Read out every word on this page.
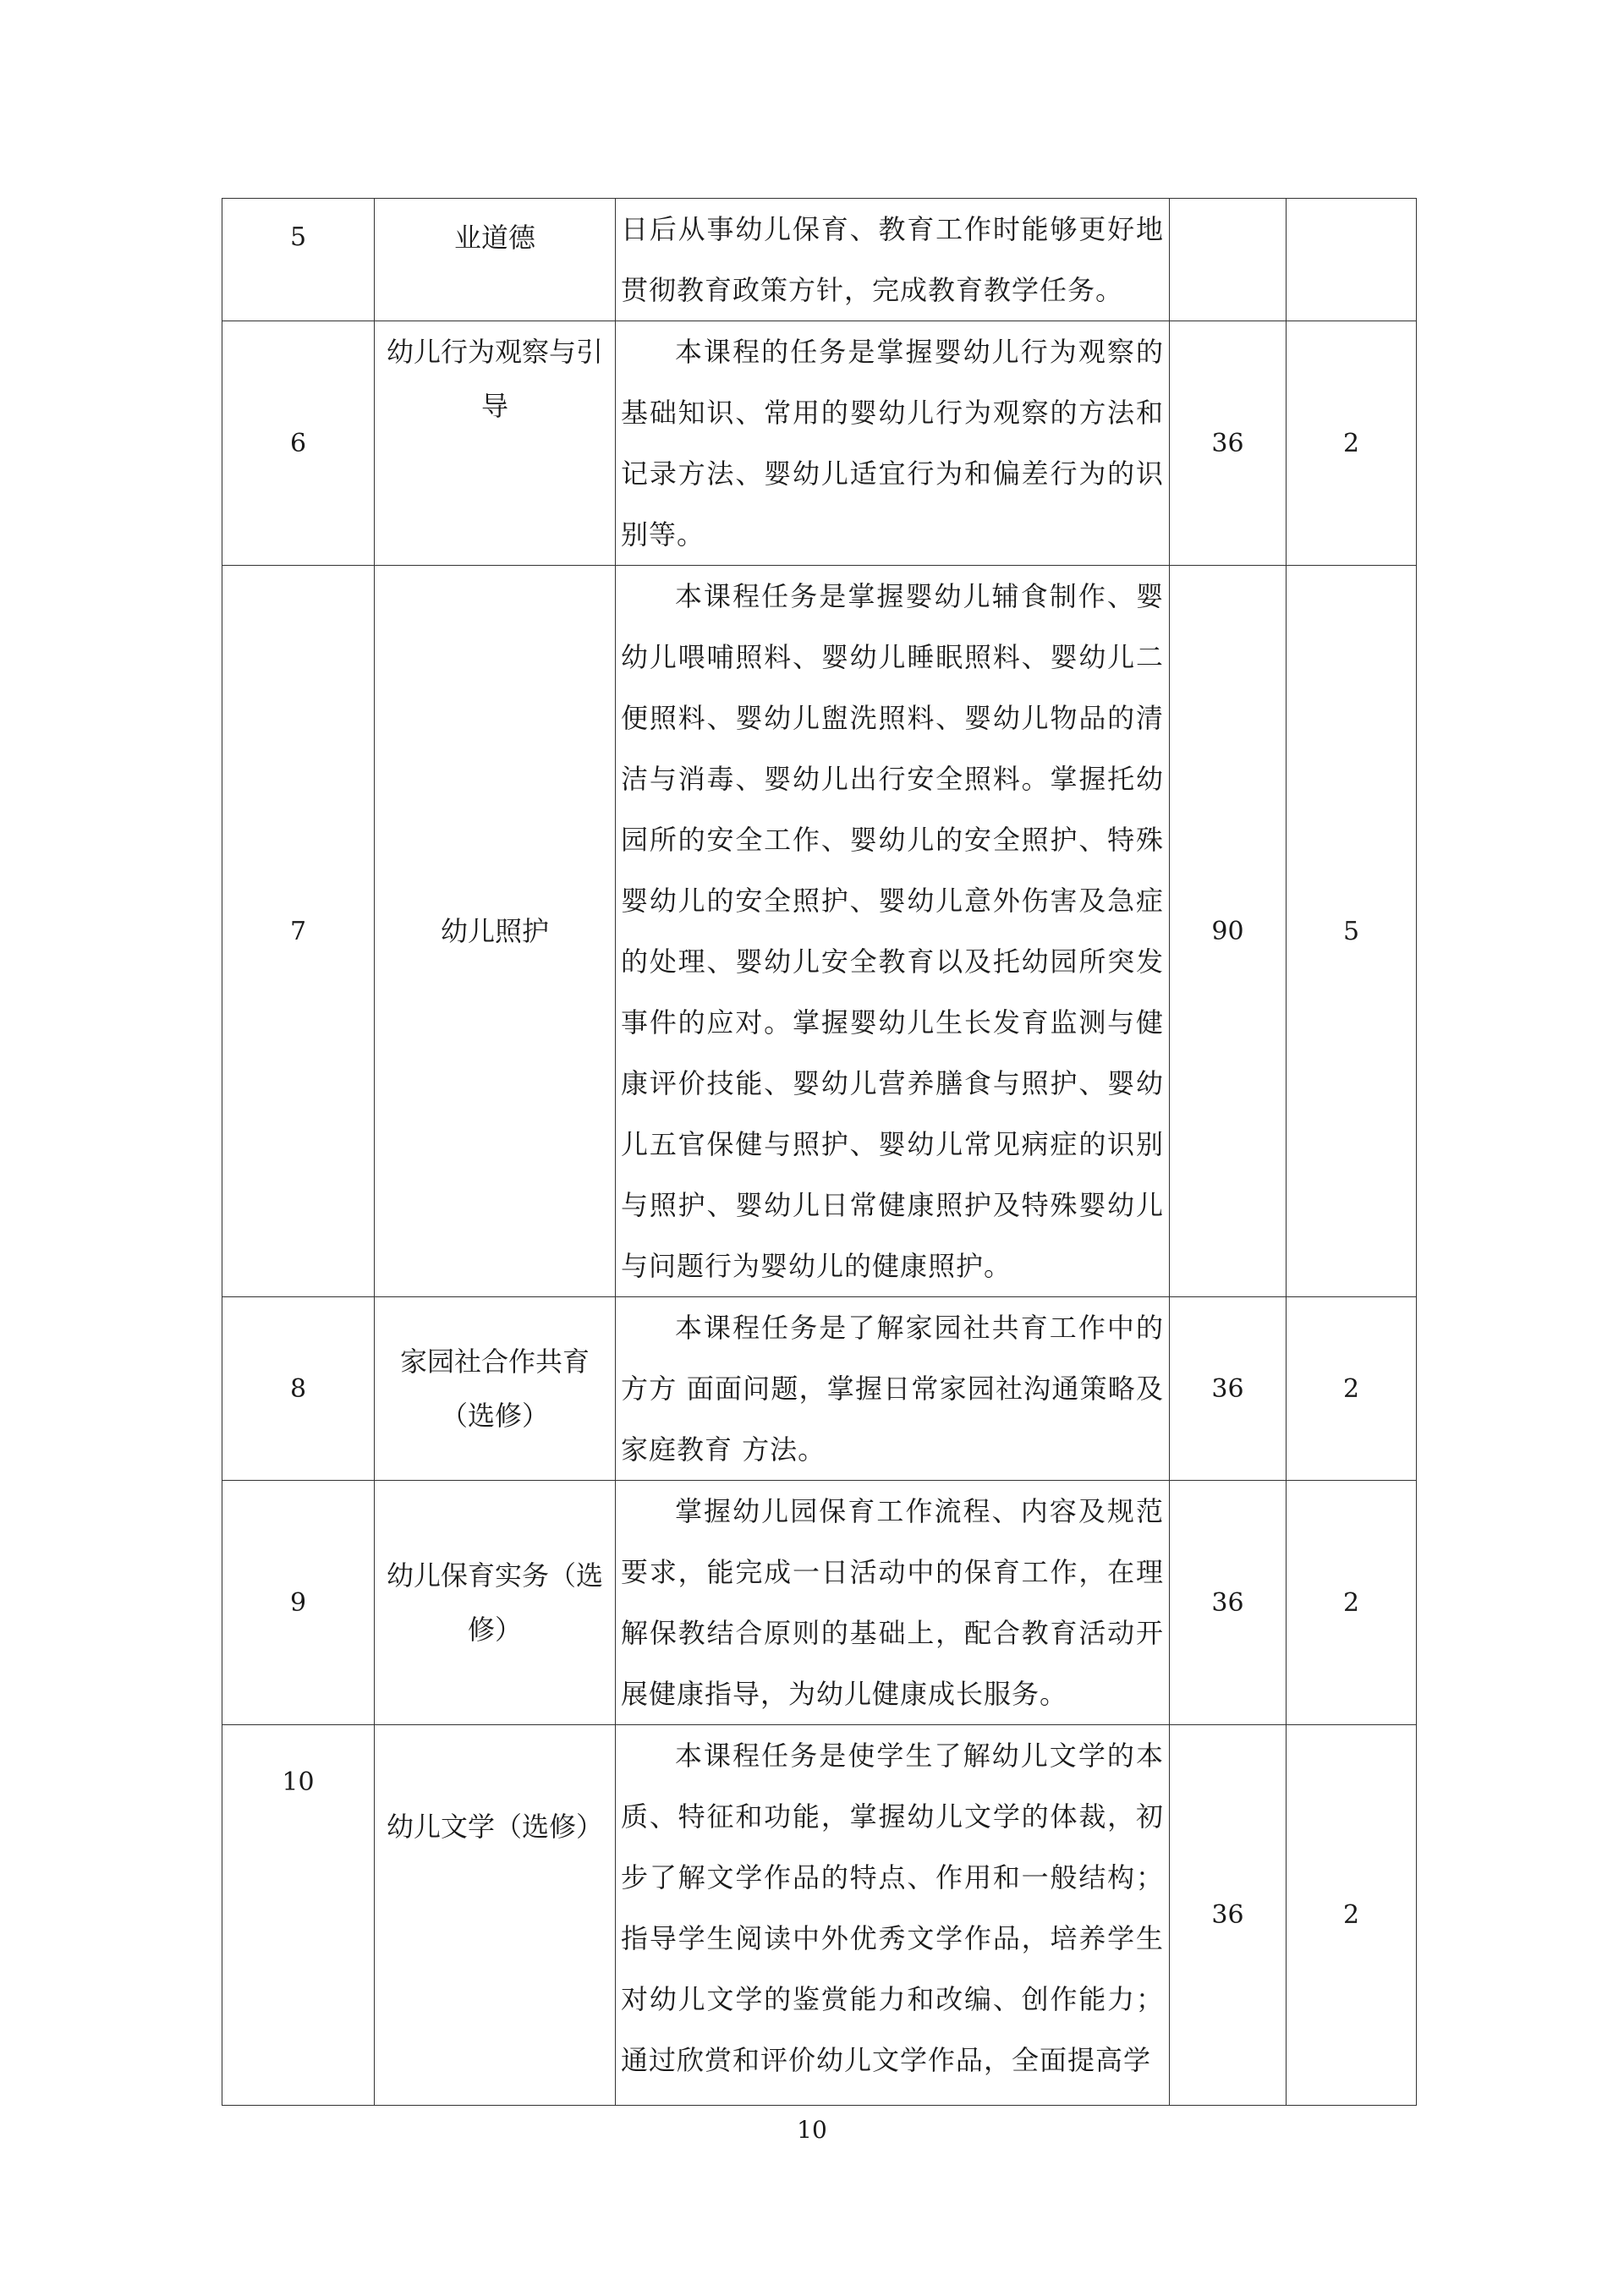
5	业道德	日后从事幼儿保育、教育工作时能够更好地贯彻教育政策方针，完成教育教学任务。		
6	幼儿行为观察与引导	本课程的任务是掌握婴幼儿行为观察的基础知识、常用的婴幼儿行为观察的方法和记录方法、婴幼儿适宜行为和偏差行为的识别等。	36	2
7	幼儿照护	本课程任务是掌握婴幼儿辅食制作、婴幼儿喂哺照料、婴幼儿睡眠照料、婴幼儿二便照料、婴幼儿盥洗照料、婴幼儿物品的清洁与消毒、婴幼儿出行安全照料。掌握托幼园所的安全工作、婴幼儿的安全照护、特殊婴幼儿的安全照护、婴幼儿意外伤害及急症的处理、婴幼儿安全教育以及托幼园所突发事件的应对。掌握婴幼儿生长发育监测与健康评价技能、婴幼儿营养膳食与照护、婴幼儿五官保健与照护、婴幼儿常见病症的识别与照护、婴幼儿日常健康照护及特殊婴幼儿与问题行为婴幼儿的健康照护。	90	5
8	家园社合作共育（选修）	本课程任务是了解家园社共育工作中的方方 面面问题，掌握日常家园社沟通策略及家庭教育 方法。	36	2
9	幼儿保育实务（选修）	掌握幼儿园保育工作流程、内容及规范要求，能完成一日活动中的保育工作，在理解保教结合原则的基础上，配合教育活动开展健康指导，为幼儿健康成长服务。	36	2
10	幼儿文学（选修）	本课程任务是使学生了解幼儿文学的本质、特征和功能，掌握幼儿文学的体裁，初步了解文学作品的特点、作用和一般结构；指导学生阅读中外优秀文学作品，培养学生对幼儿文学的鉴赏能力和改编、创作能力；通过欣赏和评价幼儿文学作品，全面提高学	36	2
10
